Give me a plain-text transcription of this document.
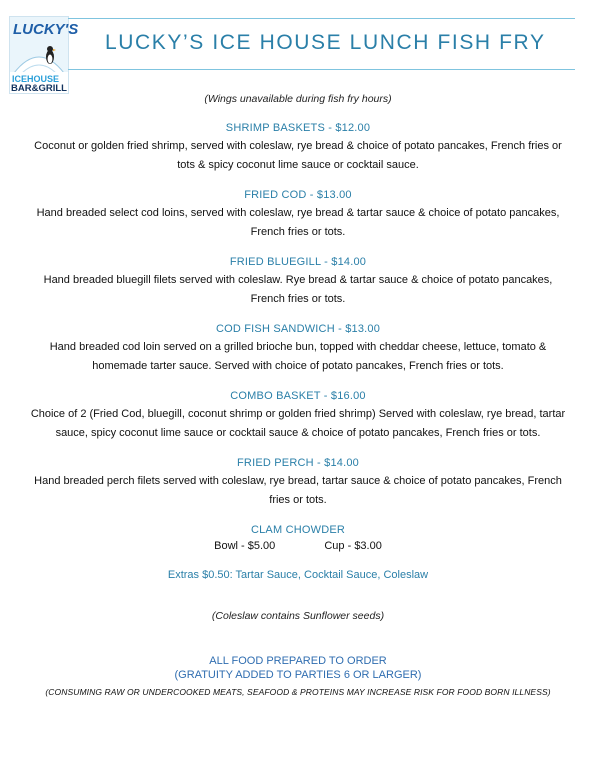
LUCKY'S
ICEHOUSE
BAR&GRILL
LUCKY’S ICE HOUSE LUNCH FISH FRY
(Wings unavailable during fish fry hours)
SHRIMP BASKETS - $12.00
Coconut or golden fried shrimp, served with coleslaw, rye bread & choice of potato pancakes, French fries or
tots & spicy coconut lime sauce or cocktail sauce.
FRIED COD - $13.00
Hand breaded select cod loins, served with coleslaw, rye bread & tartar sauce & choice of potato pancakes,
French fries or tots.
FRIED BLUEGILL - $14.00
Hand breaded bluegill filets served with coleslaw. Rye bread & tartar sauce & choice of potato pancakes,
French fries or tots.
COD FISH SANDWICH - $13.00
Hand breaded cod loin served on a grilled brioche bun, topped with cheddar cheese, lettuce, tomato &
homemade tarter sauce. Served with choice of potato pancakes, French fries or tots.
COMBO BASKET - $16.00
Choice of 2 (Fried Cod, bluegill, coconut shrimp or golden fried shrimp) Served with coleslaw, rye bread, tartar
sauce, spicy coconut lime sauce or cocktail sauce & choice of potato pancakes, French fries or tots.
FRIED PERCH - $14.00
Hand breaded perch filets served with coleslaw, rye bread, tartar sauce & choice of potato pancakes, French
fries or tots.
CLAM CHOWDER
Bowl - $5.00	Cup - $3.00
Extras $0.50: Tartar Sauce, Cocktail Sauce, Coleslaw
(Coleslaw contains Sunflower seeds)
ALL FOOD PREPARED TO ORDER
(GRATUITY ADDED TO PARTIES 6 OR LARGER)
(CONSUMING RAW OR UNDERCOOKED MEATS, SEAFOOD & PROTEINS MAY INCREASE RISK FOR FOOD BORN ILLNESS)
